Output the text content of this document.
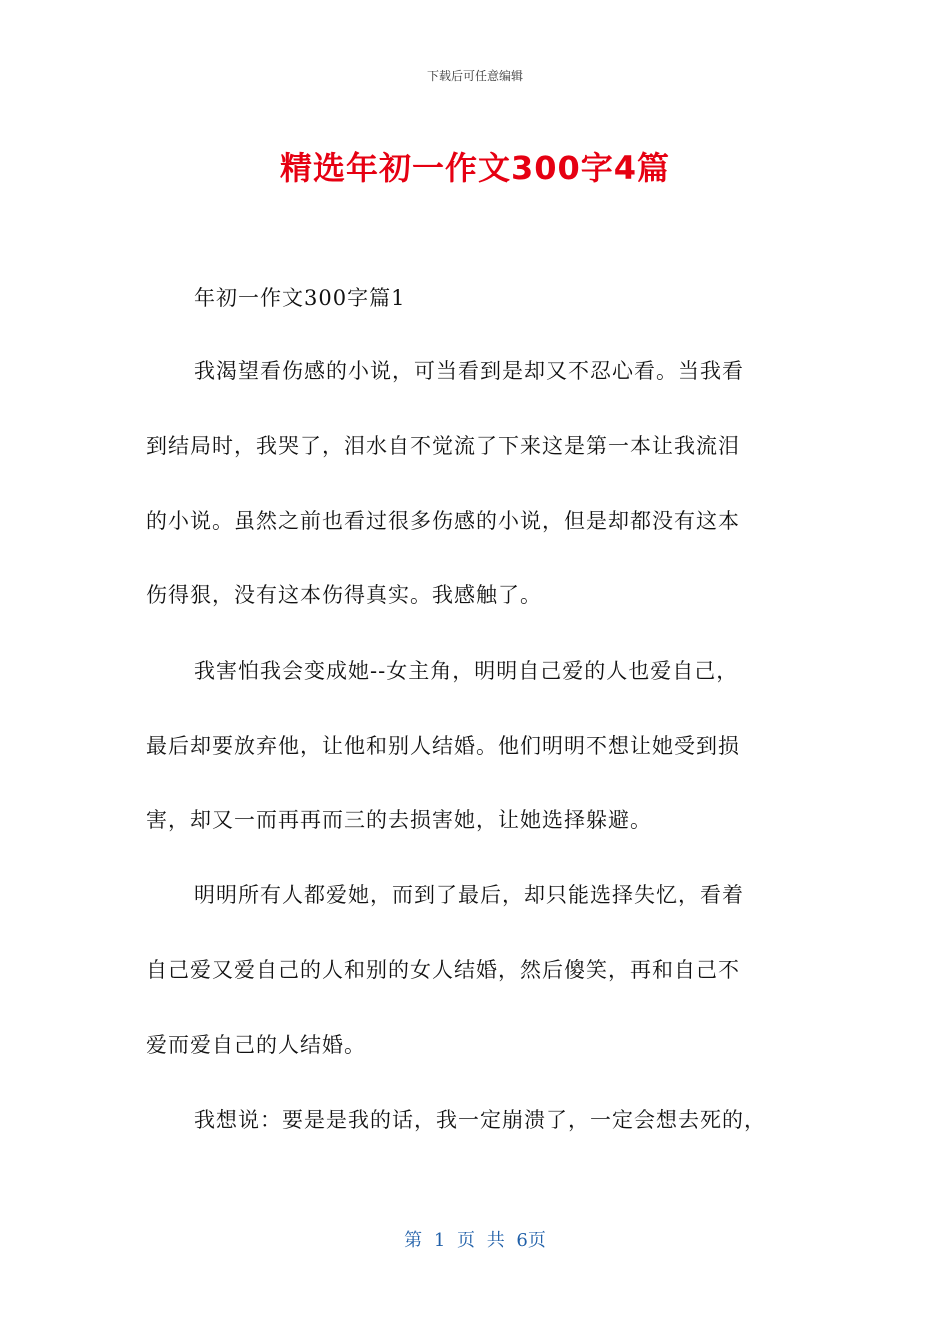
下载后可任意编辑
精选年初一作文300字4篇
年初一作文300字篇1
我渴望看伤感的小说，可当看到是却又不忍心看。当我看
到结局时，我哭了，泪水自不觉流了下来这是第一本让我流泪
的小说。虽然之前也看过很多伤感的小说，但是却都没有这本
伤得狠，没有这本伤得真实。我感触了。
我害怕我会变成她--女主角，明明自己爱的人也爱自己，
最后却要放弃他，让他和别人结婚。他们明明不想让她受到损
害，却又一而再再而三的去损害她，让她选择躲避。
明明所有人都爱她，而到了最后，却只能选择失忆，看着
自己爱又爱自己的人和别的女人结婚，然后傻笑，再和自己不
爱而爱自己的人结婚。
我想说：要是是我的话，我一定崩溃了，一定会想去死的，
第 1 页 共 6页
